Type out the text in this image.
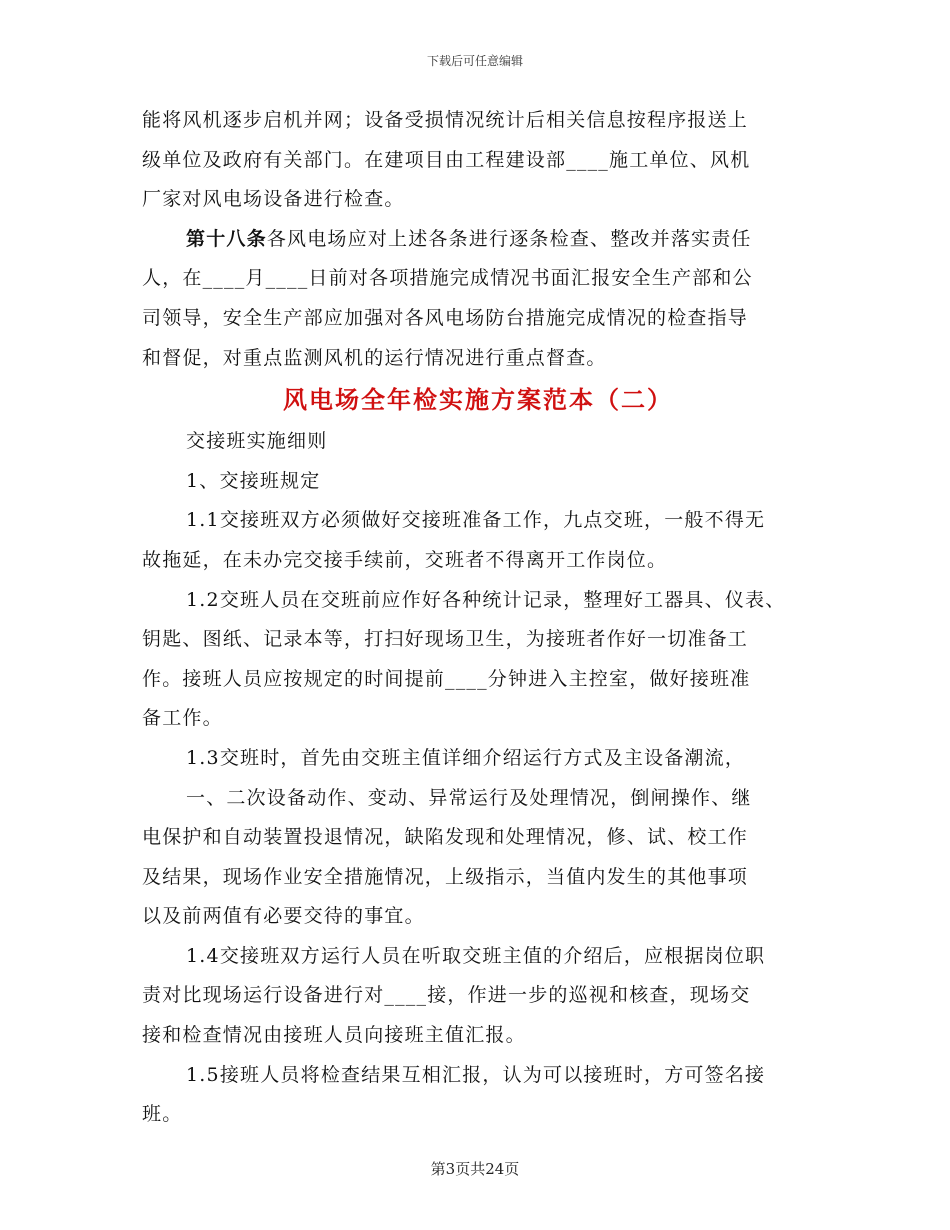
下载后可任意编辑
能将风机逐步启机并网；设备受损情况统计后相关信息按程序报送上
级单位及政府有关部门。在建项目由工程建设部____施工单位、风机
厂家对风电场设备进行检查。
第十八条各风电场应对上述各条进行逐条检查、整改并落实责任
人，在____月____日前对各项措施完成情况书面汇报安全生产部和公
司领导，安全生产部应加强对各风电场防台措施完成情况的检查指导
和督促，对重点监测风机的运行情况进行重点督查。
风电场全年检实施方案范本（二）
交接班实施细则
1、交接班规定
1.1交接班双方必须做好交接班准备工作，九点交班，一般不得无
故拖延，在未办完交接手续前，交班者不得离开工作岗位。
1.2交班人员在交班前应作好各种统计记录，整理好工器具、仪表、
钥匙、图纸、记录本等，打扫好现场卫生，为接班者作好一切准备工
作。接班人员应按规定的时间提前____分钟进入主控室，做好接班准
备工作。
1.3交班时，首先由交班主值详细介绍运行方式及主设备潮流，
一、二次设备动作、变动、异常运行及处理情况，倒闸操作、继
电保护和自动装置投退情况，缺陷发现和处理情况，修、试、校工作
及结果，现场作业安全措施情况，上级指示，当值内发生的其他事项
以及前两值有必要交待的事宜。
1.4交接班双方运行人员在听取交班主值的介绍后，应根据岗位职
责对比现场运行设备进行对____接，作进一步的巡视和核查，现场交
接和检查情况由接班人员向接班主值汇报。
1.5接班人员将检查结果互相汇报，认为可以接班时，方可签名接
班。
第3页共24页
